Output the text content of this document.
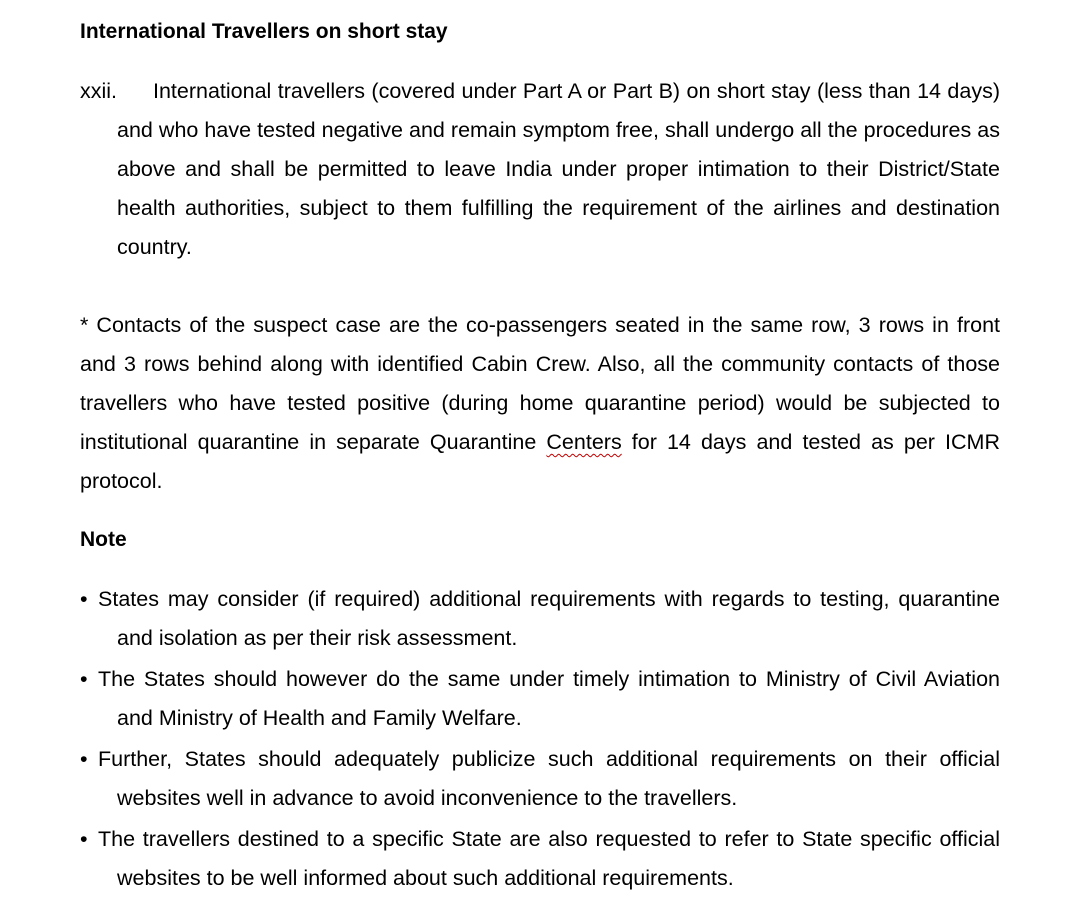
International Travellers on short stay
xxii. International travellers (covered under Part A or Part B) on short stay (less than 14 days) and who have tested negative and remain symptom free, shall undergo all the procedures as above and shall be permitted to leave India under proper intimation to their District/State health authorities, subject to them fulfilling the requirement of the airlines and destination country.
* Contacts of the suspect case are the co-passengers seated in the same row, 3 rows in front and 3 rows behind along with identified Cabin Crew. Also, all the community contacts of those travellers who have tested positive (during home quarantine period) would be subjected to institutional quarantine in separate Quarantine Centers for 14 days and tested as per ICMR protocol.
Note
• States may consider (if required) additional requirements with regards to testing, quarantine and isolation as per their risk assessment.
• The States should however do the same under timely intimation to Ministry of Civil Aviation and Ministry of Health and Family Welfare.
• Further, States should adequately publicize such additional requirements on their official websites well in advance to avoid inconvenience to the travellers.
• The travellers destined to a specific State are also requested to refer to State specific official websites to be well informed about such additional requirements.
